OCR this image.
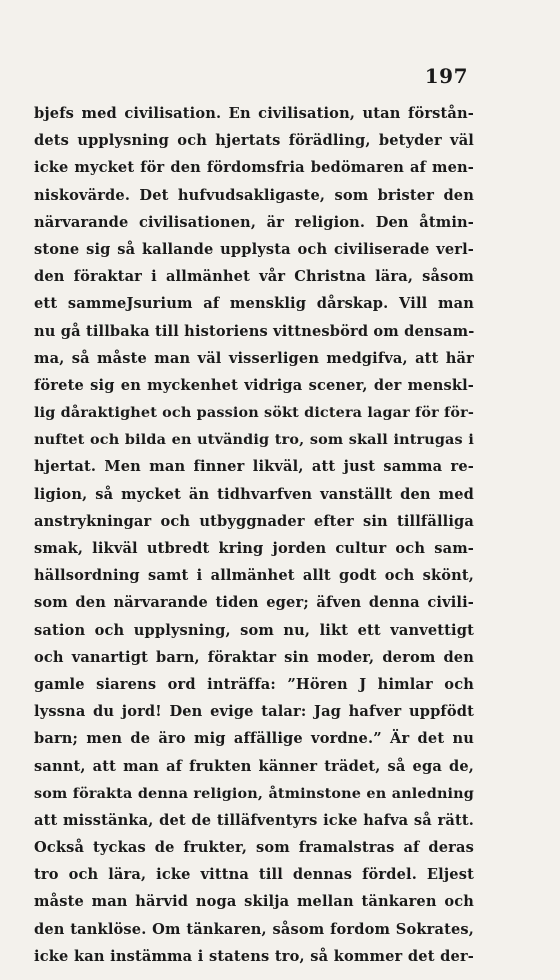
197
bjefs med civilisation. En civilisation, utan förstån-
dets upplysning och hjertats förädling, betyder väl
icke mycket för den fördomsfria bedömaren af men-
niskovärde. Det hufvudsakligaste, som brister den
närvarande civilisationen, är religion. Den åtmin-
stone sig så kallande upplysta och civiliserade verl-
den föraktar i allmänhet vår Christna lära, såsom
ett sammeJsurium af mensklig dårskap. Vill man
nu gå tillbaka till historiens vittnesbörd om densam-
ma, så måste man väl visserligen medgifva, att här
förete sig en myckenhet vidriga scener, der menskl-
lig dåraktighet och passion sökt dictera lagar för för-
nuftet och bilda en utvändig tro, som skall intrugas i
hjertat. Men man finner likväl, att just samma re-
ligion, så mycket än tidhvarfven vanställt den med
anstrykningar och utbyggnader efter sin tillfälliga
smak, likväl utbredt kring jorden cultur och sam-
hällsordning samt i allmänhet allt godt och skönt,
som den närvarande tiden eger; äfven denna civili-
sation och upplysning, som nu, likt ett vanvettigt
och vanartigt barn, föraktar sin moder, derom den
gamle siarens ord inträffa: ”Hören J himlar och
lyssna du jord! Den evige talar: Jag hafver uppfödt
barn; men de äro mig affällige vordne.” Är det nu
sannt, att man af frukten känner trädet, så ega de,
som förakta denna religion, åtminstone en anledning
att misstänka, det de tilläfventyrs icke hafva så rätt.
Också tyckas de frukter, som framalstras af deras
tro och lära, icke vittna till dennas fördel. Eljest
måste man härvid noga skilja mellan tänkaren och
den tanklöse. Om tänkaren, såsom fordom Sokrates,
icke kan instämma i statens tro, så kommer det der-
